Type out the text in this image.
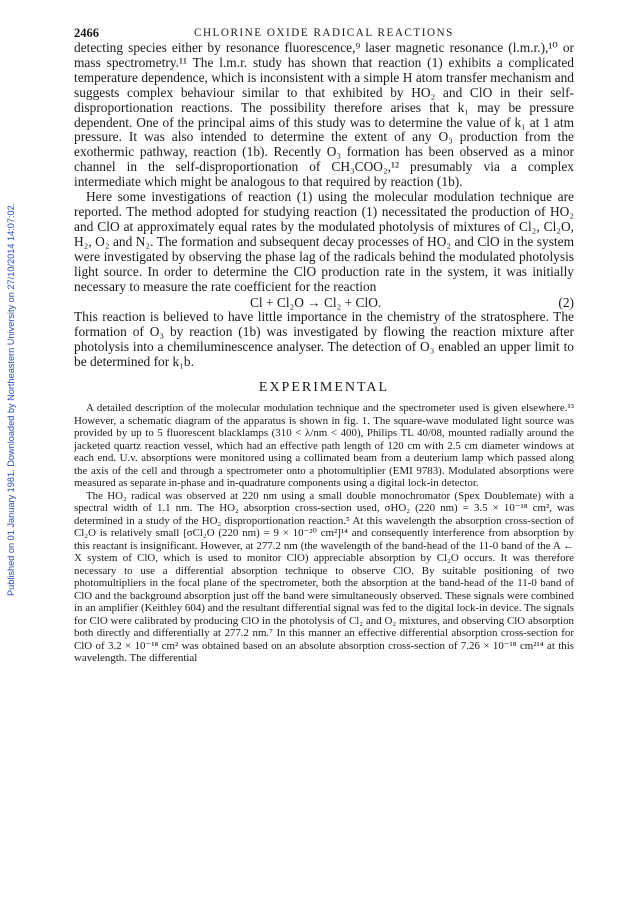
Published on 01 January 1981. Downloaded by Northeastern University on 27/10/2014 14:07:02.
2466	CHLORINE OXIDE RADICAL REACTIONS

detecting species either by resonance fluorescence,⁹ laser magnetic resonance (l.m.r.),¹⁰ or mass spectrometry.¹¹ The l.m.r. study has shown that reaction (1) exhibits a complicated temperature dependence, which is inconsistent with a simple H atom transfer mechanism and suggests complex behaviour similar to that exhibited by HO₂ and ClO in their self-disproportionation reactions. The possibility therefore arises that k₁ may be pressure dependent. One of the principal aims of this study was to determine the value of k₁ at 1 atm pressure. It was also intended to determine the extent of any O₃ production from the exothermic pathway, reaction (1b). Recently O₃ formation has been observed as a minor channel in the self-disproportionation of CH₃COO₂,¹² presumably via a complex intermediate which might be analogous to that required by reaction (1b).

Here some investigations of reaction (1) using the molecular modulation technique are reported. The method adopted for studying reaction (1) necessitated the production of HO₂ and ClO at approximately equal rates by the modulated photolysis of mixtures of Cl₂, Cl₂O, H₂, O₂ and N₂. The formation and subsequent decay processes of HO₂ and ClO in the system were investigated by observing the phase lag of the radicals behind the modulated photolysis light source. In order to determine the ClO production rate in the system, it was initially necessary to measure the rate coefficient for the reaction

Cl + Cl₂O → Cl₂ + ClO.	(2)

This reaction is believed to have little importance in the chemistry of the stratosphere. The formation of O₃ by reaction (1b) was investigated by flowing the reaction mixture after photolysis into a chemiluminescence analyser. The detection of O₃ enabled an upper limit to be determined for k₁b.

EXPERIMENTAL

A detailed description of the molecular modulation technique and the spectrometer used is given elsewhere.¹³ However, a schematic diagram of the apparatus is shown in fig. 1. The square-wave modulated light source was provided by up to 5 fluorescent blacklamps (310 < λ/nm < 400), Philips TL 40/08, mounted radially around the jacketed quartz reaction vessel, which had an effective path length of 120 cm with 2.5 cm diameter windows at each end. U.v. absorptions were monitored using a collimated beam from a deuterium lamp which passed along the axis of the cell and through a spectrometer onto a photomultiplier (EMI 9783). Modulated absorptions were measured as separate in-phase and in-quadrature components using a digital lock-in detector.

The HO₂ radical was observed at 220 nm using a small double monochromator (Spex Doublemate) with a spectral width of 1.1 nm. The HO₂ absorption cross-section used, σHO₂ (220 nm) = 3.5 × 10⁻¹⁸ cm², was determined in a study of the HO₂ disproportionation reaction.⁵ At this wavelength the absorption cross-section of Cl₂O is relatively small [σCl₂O (220 nm) = 9 × 10⁻²⁰ cm²]¹⁴ and consequently interference from absorption by this reactant is insignificant. However, at 277.2 nm (the wavelength of the band-head of the 11-0 band of the A ← X system of ClO, which is used to monitor ClO) appreciable absorption by Cl₂O occurs. It was therefore necessary to use a differential absorption technique to observe ClO. By suitable positioning of two photomultipliers in the focal plane of the spectrometer, both the absorption at the band-head of the 11-0 band of ClO and the background absorption just off the band were simultaneously observed. These signals were combined in an amplifier (Keithley 604) and the resultant differential signal was fed to the digital lock-in device. The signals for ClO were calibrated by producing ClO in the photolysis of Cl₂ and O₂ mixtures, and observing ClO absorption both directly and differentially at 277.2 nm.⁷ In this manner an effective differential absorption cross-section for ClO of 3.2 × 10⁻¹⁸ cm² was obtained based on an absolute absorption cross-section of 7.26 × 10⁻¹⁸ cm²¹⁴ at this wavelength. The differential
